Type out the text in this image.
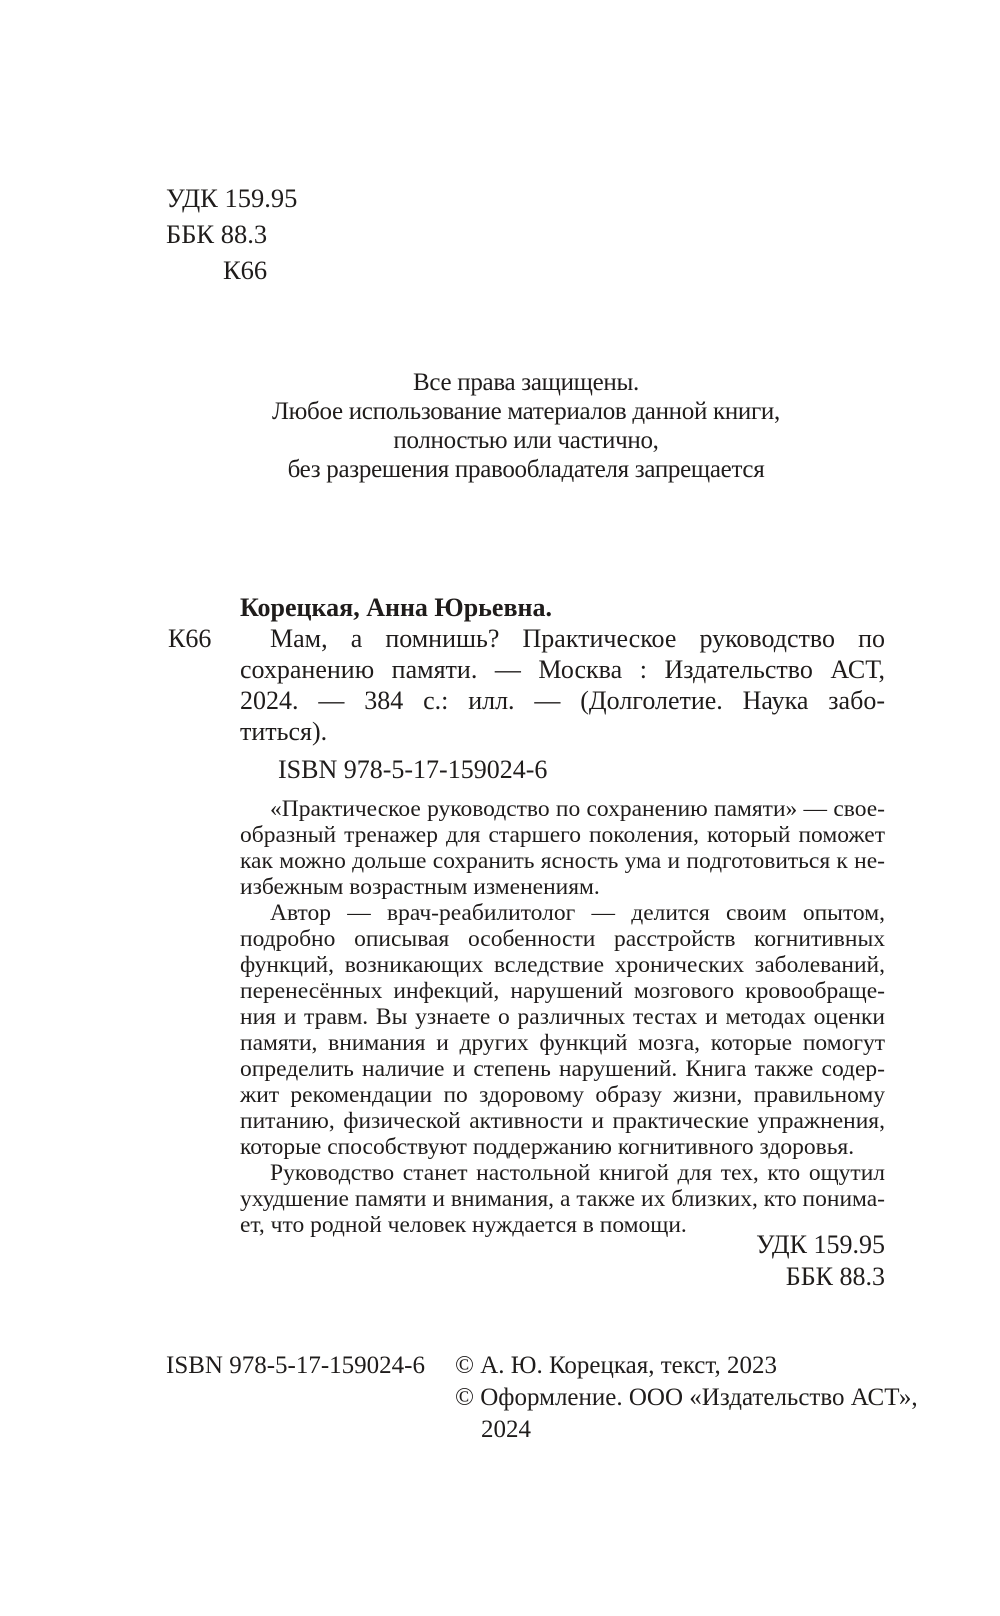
УДК 159.95
ББК 88.3
К66
Все права защищены.
Любое использование материалов данной книги,
полностью или частично,
без разрешения правообладателя запрещается
К66
Корецкая, Анна Юрьевна.
Мам, а помнишь? Практическое руководство по
сохранению памяти. — Москва : Издательство АСТ,
2024. — 384 с.: илл. — (Долголетие. Наука забо-
титься).
ISBN 978-5-17-159024-6
«Практическое руководство по сохранению памяти» — свое-
образный тренажер для старшего поколения, который поможет
как можно дольше сохранить ясность ума и подготовиться к не-
избежным возрастным изменениям.
Автор — врач-реабилитолог — делится своим опытом,
подробно описывая особенности расстройств когнитивных
функций, возникающих вследствие хронических заболеваний,
перенесённых инфекций, нарушений мозгового кровообраще-
ния и травм. Вы узнаете о различных тестах и методах оценки
памяти, внимания и других функций мозга, которые помогут
определить наличие и степень нарушений. Книга также содер-
жит рекомендации по здоровому образу жизни, правильному
питанию, физической активности и практические упражнения,
которые способствуют поддержанию когнитивного здоровья.
Руководство станет настольной книгой для тех, кто ощутил
ухудшение памяти и внимания, а также их близких, кто понима-
ет, что родной человек нуждается в помощи.
УДК 159.95
ББК 88.3
ISBN 978-5-17-159024-6 © А. Ю. Корецкая, текст, 2023
© Оформление. ООО «Издательство АСТ»,
2024
